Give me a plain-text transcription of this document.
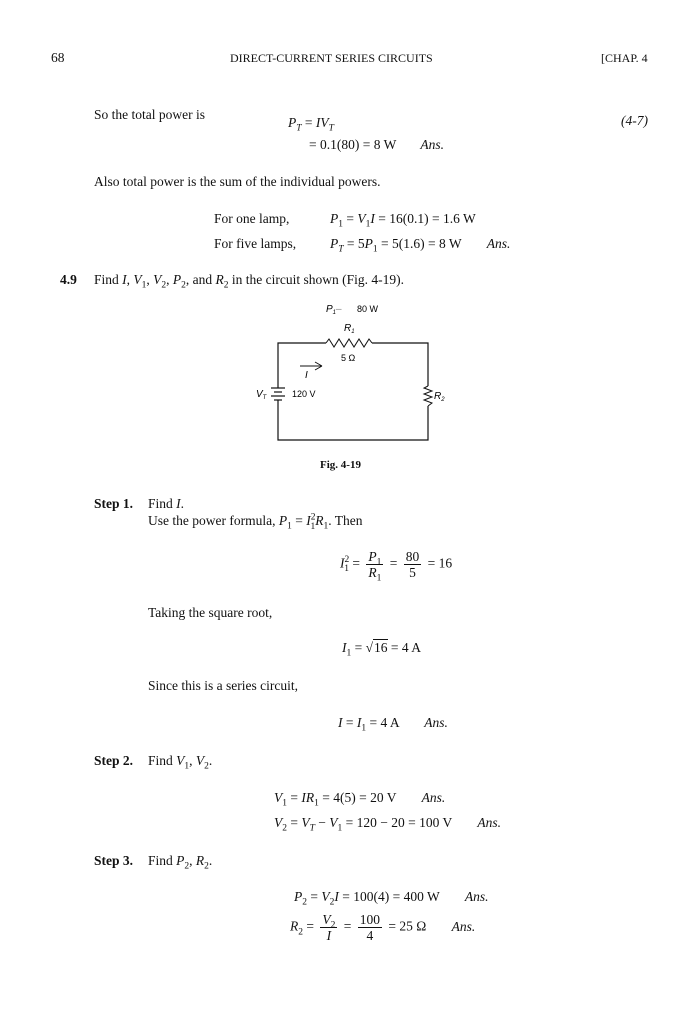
68	DIRECT-CURRENT SERIES CIRCUITS	[CHAP. 4
So the total power is
$P_T = IV_T$
(4-7)
= 0.1(80) = 8 W Ans.
Also total power is the sum of the individual powers.
For one lamp,	$P_1 = V_1I = 16(0.1) = 1.6$ W
For five lamps,	$P_T = 5P_1 = 5(1.6) = 8$ W Ans.
4.9 Find I, $V_1$, $V_2$, $P_2$, and $R_2$ in the circuit shown (Fig. 4-19).
$P_1 - 80$ W
$R_1$
5 Ω
I
$V_T$	120 V	$R_2$
Fig. 4-19
Step 1. Find I.
Use the power formula, $P_1 = I^2_1R_1$. Then
$I^2_1 = \frac{P_1}{R_1} = \frac{80}{5} = 16$
Taking the square root,
$I_1 = √16 = 4$ A
Since this is a series circuit,
$I = I_1 = 4$ A Ans.
Step 2. Find $V_1$, $V_2$.
$V_1 = IR_1 = 4(5) = 20$ V Ans.
$V_2 = V_T - V_1 = 120 - 20 = 100$ V Ans.
Step 3. Find $P_2$, $R_2$.
$P_2 = V_2I = 100(4) = 400$ W Ans.
$R_2 = \frac{V_2}{I} = \frac{100}{4} = 25$ Ω Ans.
